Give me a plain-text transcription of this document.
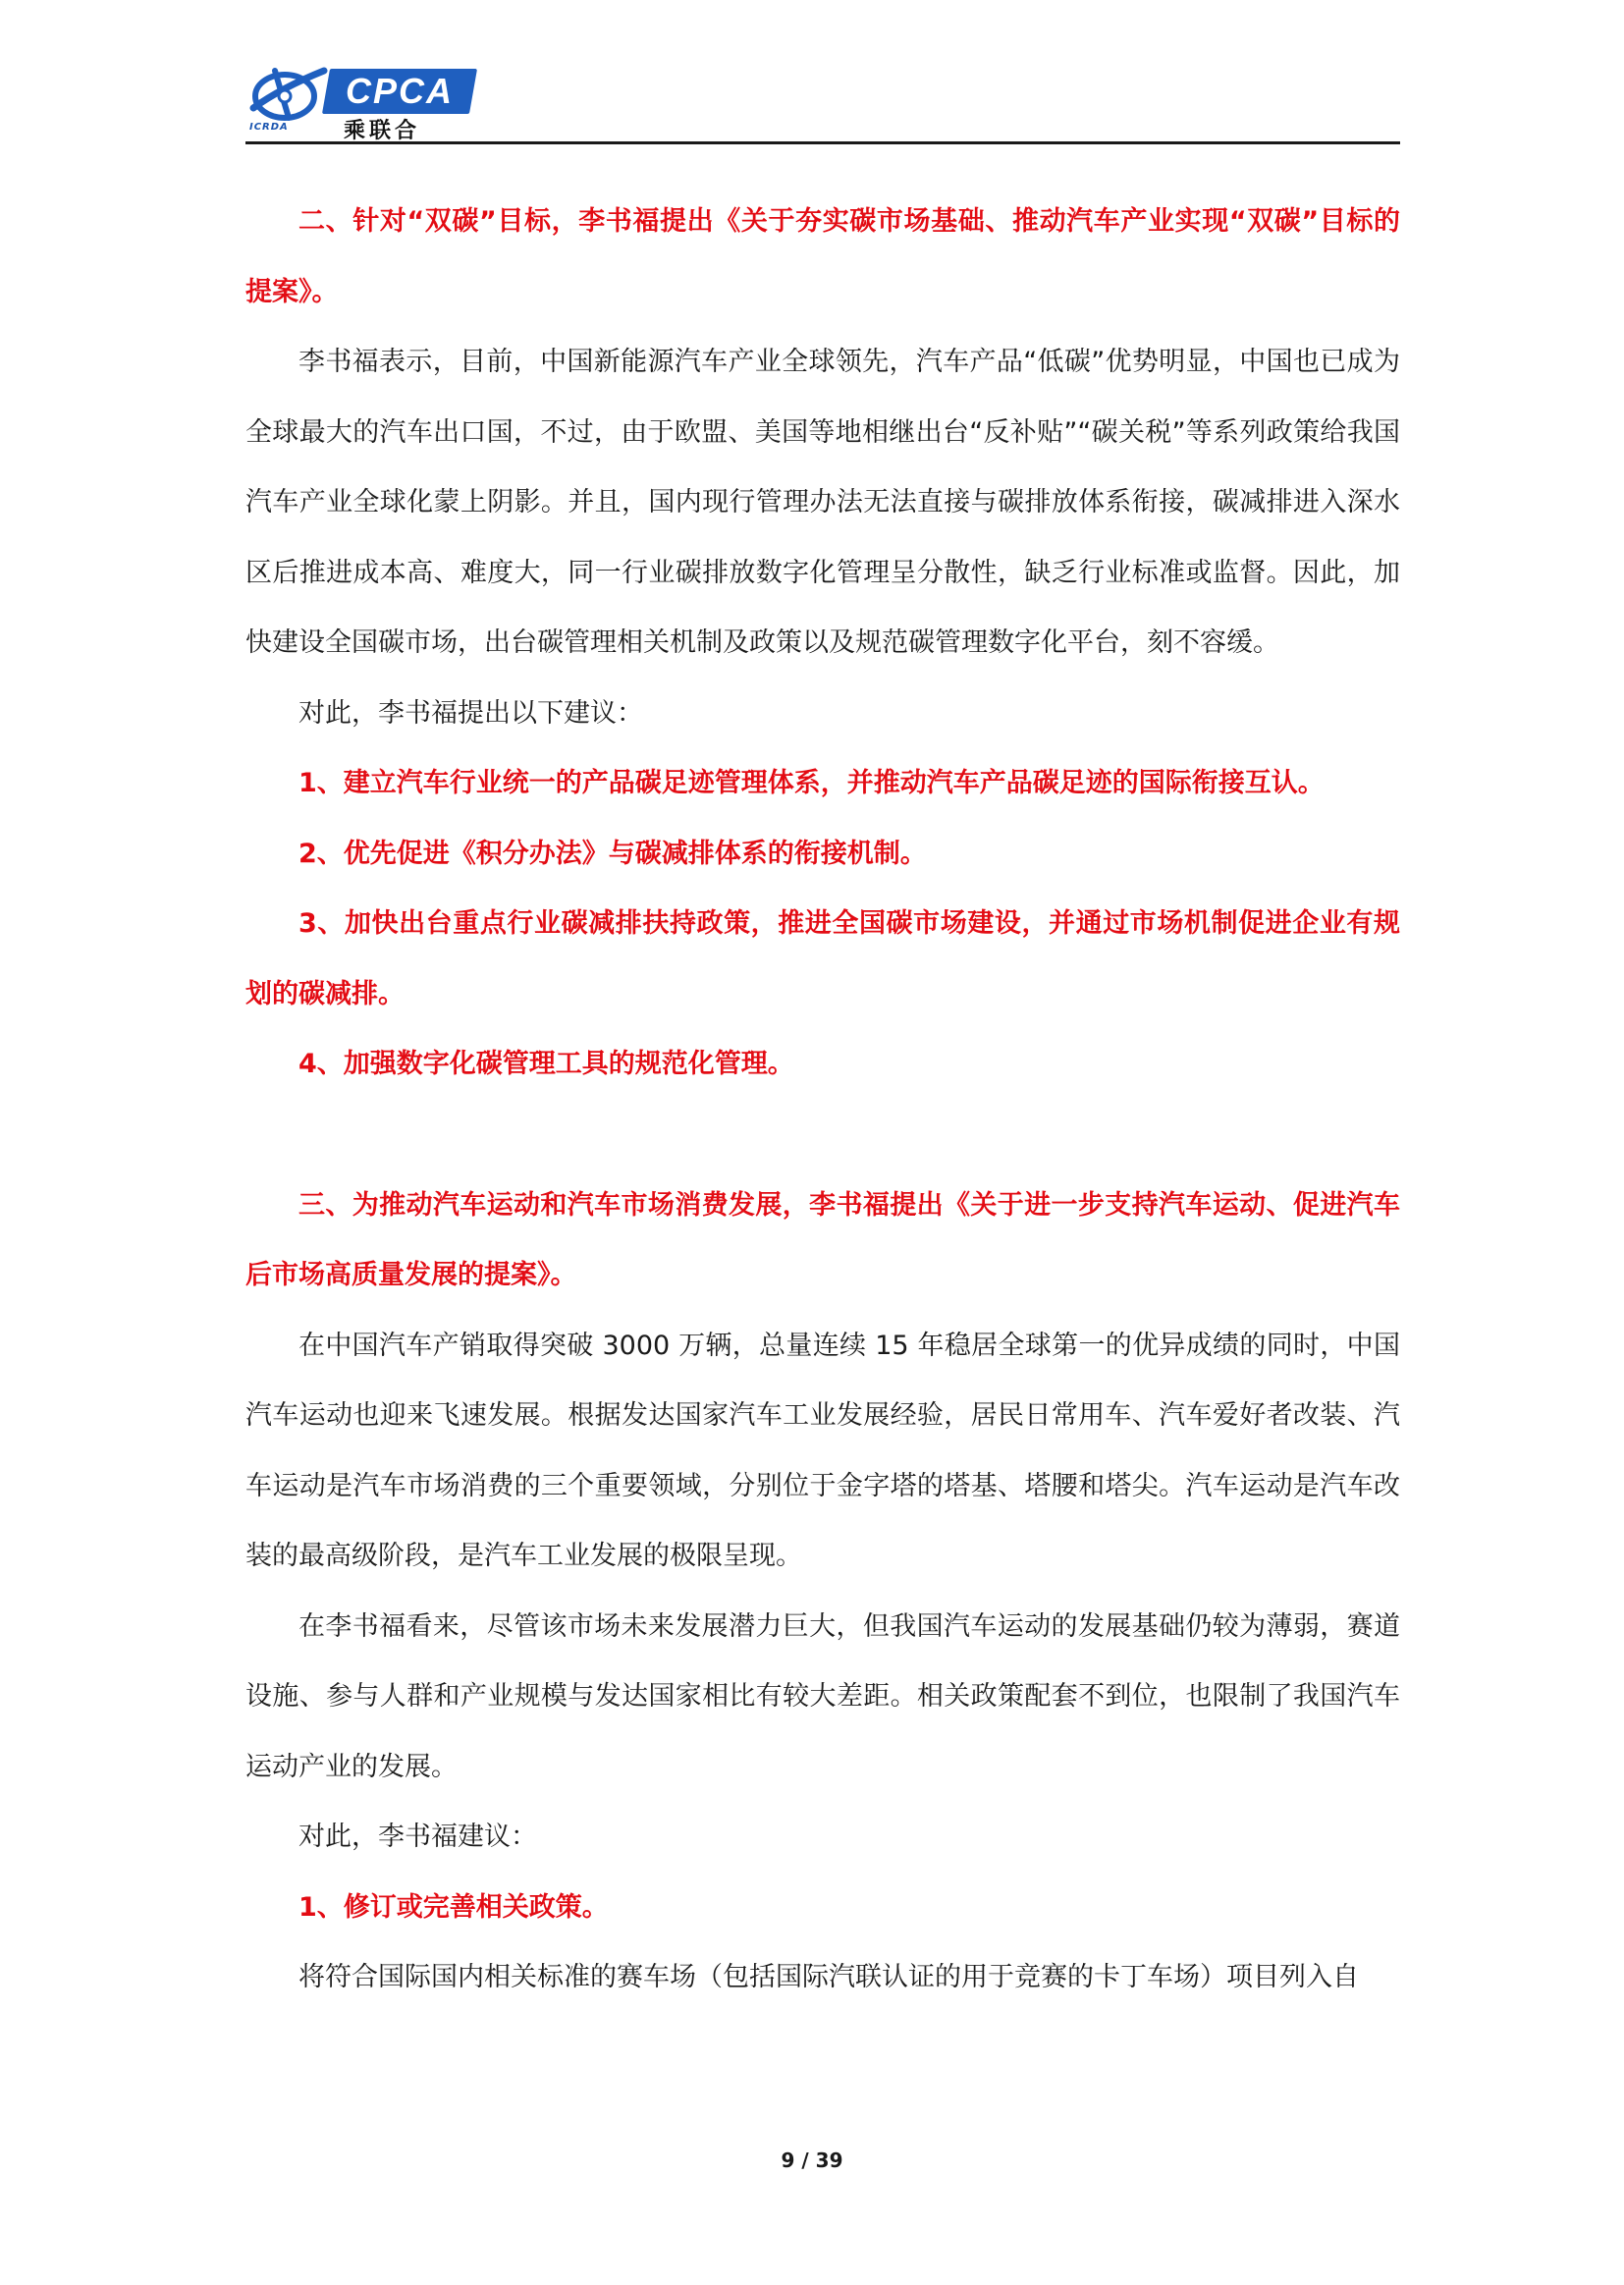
ICRDA
CPCA
乘联合

二、针对“双碳”目标，李书福提出《关于夯实碳市场基础、推动汽车产业实现“双碳”目标的提案》。

李书福表示，目前，中国新能源汽车产业全球领先，汽车产品“低碳”优势明显，中国也已成为全球最大的汽车出口国，不过，由于欧盟、美国等地相继出台“反补贴”“碳关税”等系列政策给我国汽车产业全球化蒙上阴影。并且，国内现行管理办法无法直接与碳排放体系衔接，碳减排进入深水区后推进成本高、难度大，同一行业碳排放数字化管理呈分散性，缺乏行业标准或监督。因此，加快建设全国碳市场，出台碳管理相关机制及政策以及规范碳管理数字化平台，刻不容缓。

对此，李书福提出以下建议：

1、建立汽车行业统一的产品碳足迹管理体系，并推动汽车产品碳足迹的国际衔接互认。

2、优先促进《积分办法》与碳减排体系的衔接机制。

3、加快出台重点行业碳减排扶持政策，推进全国碳市场建设，并通过市场机制促进企业有规划的碳减排。

4、加强数字化碳管理工具的规范化管理。

三、为推动汽车运动和汽车市场消费发展，李书福提出《关于进一步支持汽车运动、促进汽车后市场高质量发展的提案》。

在中国汽车产销取得突破 3000 万辆，总量连续 15 年稳居全球第一的优异成绩的同时，中国汽车运动也迎来飞速发展。根据发达国家汽车工业发展经验，居民日常用车、汽车爱好者改装、汽车运动是汽车市场消费的三个重要领域，分别位于金字塔的塔基、塔腰和塔尖。汽车运动是汽车改装的最高级阶段，是汽车工业发展的极限呈现。

在李书福看来，尽管该市场未来发展潜力巨大，但我国汽车运动的发展基础仍较为薄弱，赛道设施、参与人群和产业规模与发达国家相比有较大差距。相关政策配套不到位，也限制了我国汽车运动产业的发展。

对此，李书福建议：

1、修订或完善相关政策。

将符合国际国内相关标准的赛车场（包括国际汽联认证的用于竞赛的卡丁车场）项目列入自

9 / 39
